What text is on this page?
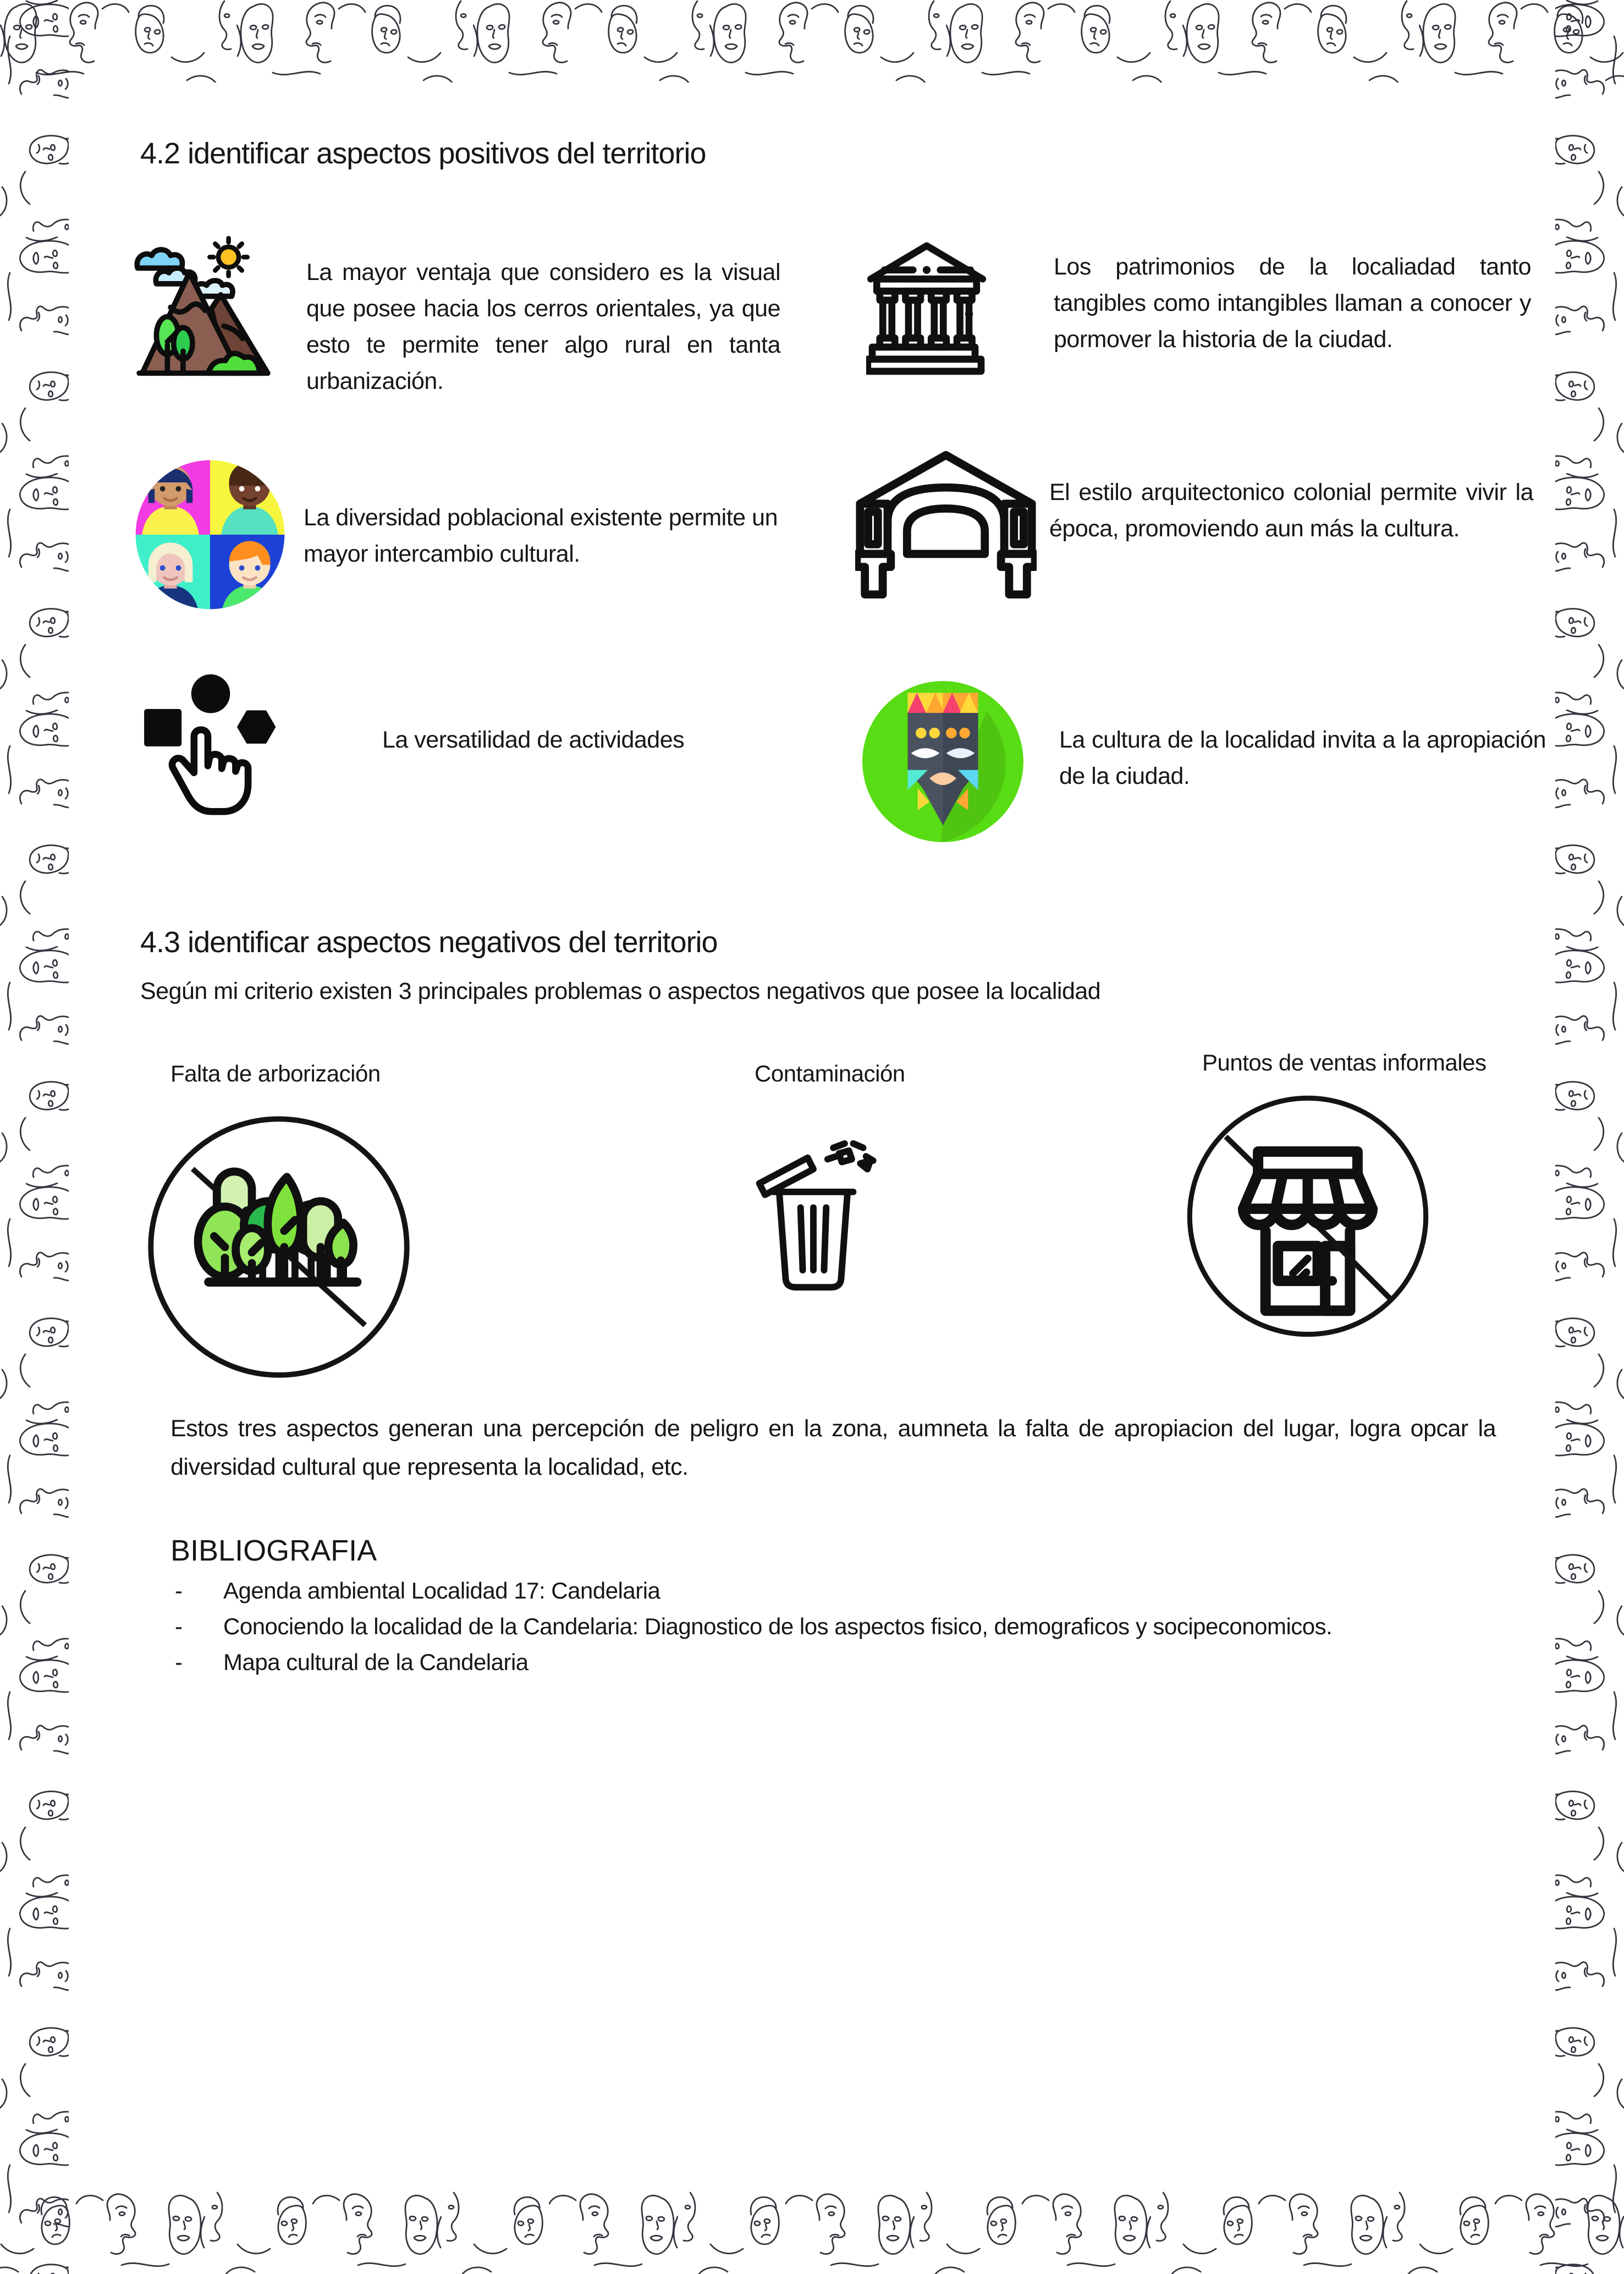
4.2 identificar aspectos positivos del territorio
La mayor ventaja que considero es la visual que posee hacia los cerros orientales, ya que esto te permite tener algo rural en tanta urbanización.
Los patrimonios de la localiadad tanto tangibles como intangibles llaman a conocer y pormover la historia de la ciudad.
La diversidad poblacional existente permite un mayor intercambio cultural.
El estilo arquitectonico colonial permite vivir la época, promoviendo aun más la cultura.
La versatilidad de actividades	La cultura de la localidad invita a la apropiación de la ciudad.
4.3 identificar aspectos negativos del territorio
Según mi criterio existen 3 principales problemas o aspectos negativos que posee la localidad
Falta de arborización	Contaminación	Puntos de ventas informales
Estos tres aspectos generan una percepción de peligro en la zona, aumneta la falta de apropiacion del lugar, logra opcar la diversidad cultural que representa la localidad, etc.
BIBLIOGRAFIA
-	Agenda ambiental Localidad 17: Candelaria
-	Conociendo la localidad de la Candelaria: Diagnostico de los aspectos fisico, demograficos y socipeconomicos.
-	Mapa cultural de la Candelaria
